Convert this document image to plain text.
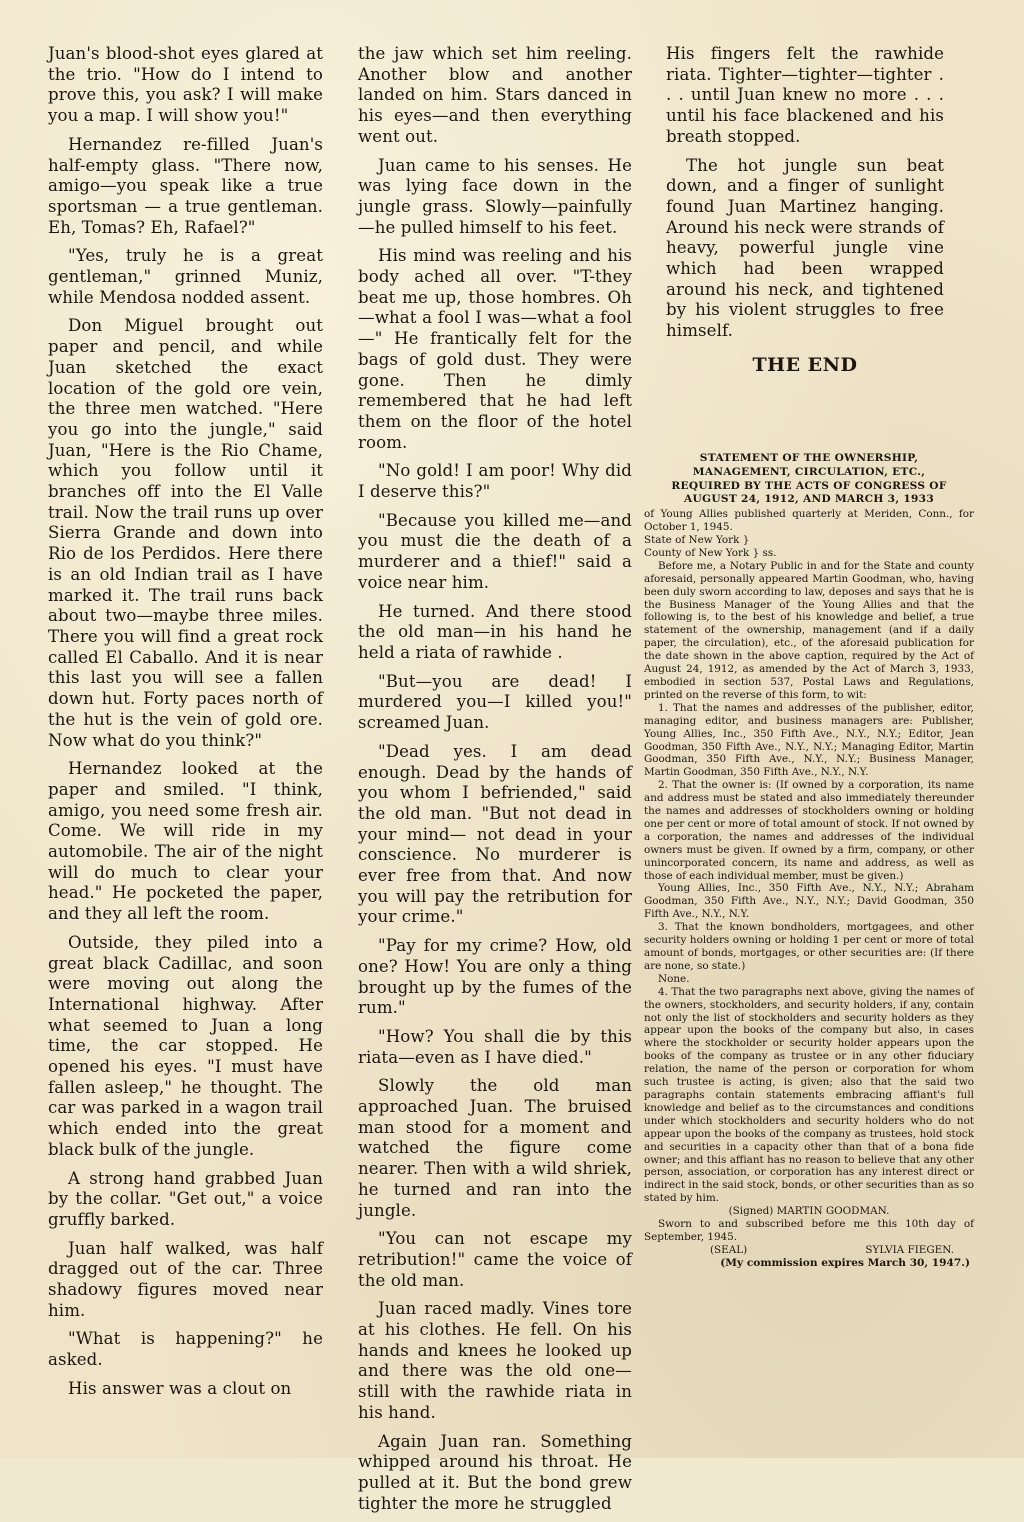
Juan's blood-shot eyes glared at the trio. "How do I intend to prove this, you ask? I will make you a map. I will show you!"

Hernandez re-filled Juan's half-empty glass. "There now, amigo—you speak like a true sportsman — a true gentleman. Eh, Tomas? Eh, Rafael?"

"Yes, truly he is a great gentleman," grinned Muniz, while Mendosa nodded assent.

Don Miguel brought out paper and pencil, and while Juan sketched the exact location of the gold ore vein, the three men watched. "Here you go into the jungle," said Juan, "Here is the Rio Chame, which you follow until it branches off into the El Valle trail. Now the trail runs up over Sierra Grande and down into Rio de los Perdidos. Here there is an old Indian trail as I have marked it. The trail runs back about two—maybe three miles. There you will find a great rock called El Caballo. And it is near this last you will see a fallen down hut. Forty paces north of the hut is the vein of gold ore. Now what do you think?"

Hernandez looked at the paper and smiled. "I think, amigo, you need some fresh air. Come. We will ride in my automobile. The air of the night will do much to clear your head." He pocketed the paper, and they all left the room.

Outside, they piled into a great black Cadillac, and soon were moving out along the International highway. After what seemed to Juan a long time, the car stopped. He opened his eyes. "I must have fallen asleep," he thought. The car was parked in a wagon trail which ended into the great black bulk of the jungle.

A strong hand grabbed Juan by the collar. "Get out," a voice gruffly barked.

Juan half walked, was half dragged out of the car. Three shadowy figures moved near him.

"What is happening?" he asked.

His answer was a clout on

the jaw which set him reeling. Another blow and another landed on him. Stars danced in his eyes—and then everything went out.

Juan came to his senses. He was lying face down in the jungle grass. Slowly—painfully —he pulled himself to his feet.

His mind was reeling and his body ached all over. "T-they beat me up, those hombres. Oh —what a fool I was—what a fool —" He frantically felt for the bags of gold dust. They were gone. Then he dimly remembered that he had left them on the floor of the hotel room.

"No gold! I am poor! Why did I deserve this?"

"Because you killed me—and you must die the death of a murderer and a thief!" said a voice near him.

He turned. And there stood the old man—in his hand he held a riata of rawhide .

"But—you are dead! I murdered you—I killed you!" screamed Juan.

"Dead yes. I am dead enough. Dead by the hands of you whom I befriended," said the old man. "But not dead in your mind— not dead in your conscience. No murderer is ever free from that. And now you will pay the retribution for your crime."

"Pay for my crime? How, old one? How! You are only a thing brought up by the fumes of the rum."

"How? You shall die by this riata—even as I have died."

Slowly the old man approached Juan. The bruised man stood for a moment and watched the figure come nearer. Then with a wild shriek, he turned and ran into the jungle.

"You can not escape my retribution!" came the voice of the old man.

Juan raced madly. Vines tore at his clothes. He fell. On his hands and knees he looked up and there was the old one— still with the rawhide riata in his hand.

Again Juan ran. Something whipped around his throat. He pulled at it. But the bond grew tighter the more he struggled

His fingers felt the rawhide riata. Tighter—tighter—tighter . . . until Juan knew no more . . . until his face blackened and his breath stopped.

The hot jungle sun beat down, and a finger of sunlight found Juan Martinez hanging. Around his neck were strands of heavy, powerful jungle vine which had been wrapped around his neck, and tightened by his violent struggles to free himself.

THE END
STATEMENT OF THE OWNERSHIP,
MANAGEMENT, CIRCULATION, ETC.,
REQUIRED BY THE ACTS OF CONGRESS OF
AUGUST 24, 1912, AND MARCH 3, 1933

of Young Allies published quarterly at Meriden, Conn., for October 1, 1945.

State of New York }
County of New York } ss.

Before me, a Notary Public in and for the State and county aforesaid, personally appeared Martin Goodman, who, having been duly sworn according to law, deposes and says that he is the Business Manager of the Young Allies and that the following is, to the best of his knowledge and belief, a true statement of the ownership, management (and if a daily paper, the circulation), etc., of the aforesaid publication for the date shown in the above caption, required by the Act of August 24, 1912, as amended by the Act of March 3, 1933, embodied in section 537, Postal Laws and Regulations, printed on the reverse of this form, to wit:

1. That the names and addresses of the publisher, editor, managing editor, and business managers are: Publisher, Young Allies, Inc., 350 Fifth Ave., N.Y., N.Y.; Editor, Jean Goodman, 350 Fifth Ave., N.Y., N.Y.; Managing Editor, Martin Goodman, 350 Fifth Ave., N.Y., N.Y.; Business Manager, Martin Goodman, 350 Fifth Ave., N.Y., N.Y.

2. That the owner is: (If owned by a corporation, its name and address must be stated and also immediately thereunder the names and addresses of stockholders owning or holding one per cent or more of total amount of stock. If not owned by a corporation, the names and addresses of the individual owners must be given. If owned by a firm, company, or other unincorporated concern, its name and address, as well as those of each individual member, must be given.)

Young Allies, Inc., 350 Fifth Ave., N.Y., N.Y.; Abraham Goodman, 350 Fifth Ave., N.Y., N.Y.; David Goodman, 350 Fifth Ave., N.Y., N.Y.

3. That the known bondholders, mortgagees, and other security holders owning or holding 1 per cent or more of total amount of bonds, mortgages, or other securities are: (If there are none, so state.)

None.

4. That the two paragraphs next above, giving the names of the owners, stockholders, and security holders, if any, contain not only the list of stockholders and security holders as they appear upon the books of the company but also, in cases where the stockholder or security holder appears upon the books of the company as trustee or in any other fiduciary relation, the name of the person or corporation for whom such trustee is acting, is given; also that the said two paragraphs contain statements embracing affiant's full knowledge and belief as to the circumstances and conditions under which stockholders and security holders who do not appear upon the books of the company as trustees, hold stock and securities in a capacity other than that of a bona fide owner; and this affiant has no reason to believe that any other person, association, or corporation has any interest direct or indirect in the said stock, bonds, or other securities than as so stated by him.

(Signed) MARTIN GOODMAN.

Sworn to and subscribed before me this 10th day of September, 1945.

(SEAL)	SYLVIA FIEGEN.
(My commission expires March 30, 1947.)
